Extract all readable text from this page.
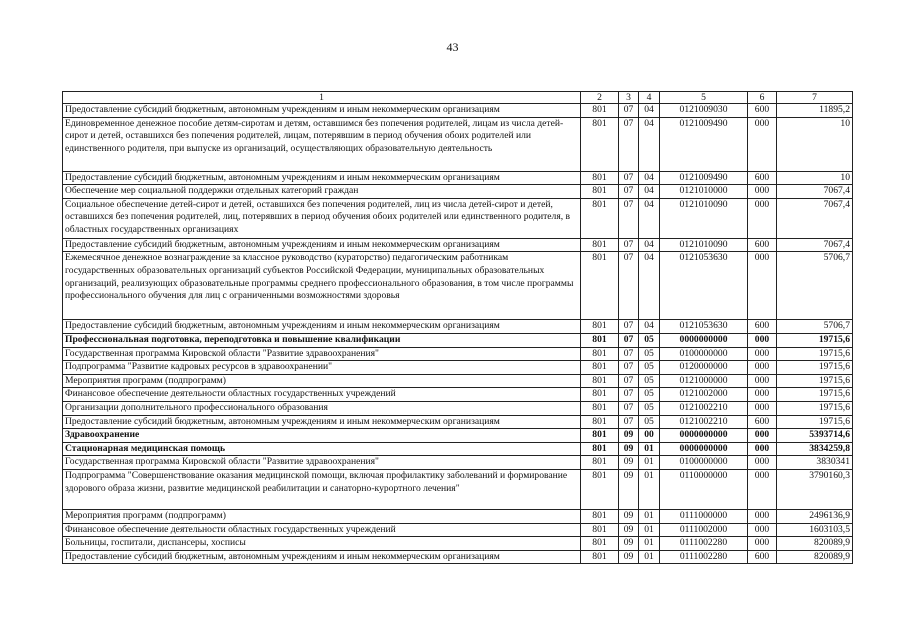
43
1	2	3	4	5	6	7
Предоставление субсидий бюджетным, автономным учреждениям и иным некоммерческим организациям	801	07	04	0121009030	600	11895,2
Единовременное денежное пособие детям-сиротам и детям, оставшимся без попечения родителей, лицам из числа детей-сирот и детей, оставшихся без попечения родителей, лицам, потерявшим в период обучения обоих родителей или единственного родителя, при выпуске из организаций, осуществляющих образовательную деятельность	801	07	04	0121009490	000	10
Предоставление субсидий бюджетным, автономным учреждениям и иным некоммерческим организациям	801	07	04	0121009490	600	10
Обеспечение мер социальной поддержки отдельных категорий граждан	801	07	04	0121010000	000	7067,4
Социальное обеспечение детей-сирот и детей, оставшихся без попечения родителей, лиц из числа детей-сирот и детей, оставшихся без попечения родителей, лиц, потерявших в период обучения обоих родителей или единственного родителя, в областных государственных организациях	801	07	04	0121010090	000	7067,4
Предоставление субсидий бюджетным, автономным учреждениям и иным некоммерческим организациям	801	07	04	0121010090	600	7067,4
Ежемесячное денежное вознаграждение за классное руководство (кураторство) педагогическим работникам государственных образовательных организаций субъектов Российской Федерации, муниципальных образовательных организаций, реализующих образовательные программы среднего профессионального образования, в том числе программы профессионального обучения для лиц с ограниченными возможностями здоровья	801	07	04	0121053630	000	5706,7
Предоставление субсидий бюджетным, автономным учреждениям и иным некоммерческим организациям	801	07	04	0121053630	600	5706,7
Профессиональная подготовка, переподготовка и повышение квалификации	801	07	05	0000000000	000	19715,6
Государственная программа Кировской области "Развитие здравоохранения"	801	07	05	0100000000	000	19715,6
Подпрограмма "Развитие кадровых ресурсов в здравоохранении"	801	07	05	0120000000	000	19715,6
Мероприятия программ (подпрограмм)	801	07	05	0121000000	000	19715,6
Финансовое обеспечение деятельности областных государственных учреждений	801	07	05	0121002000	000	19715,6
Организации дополнительного профессионального образования	801	07	05	0121002210	000	19715,6
Предоставление субсидий бюджетным, автономным учреждениям и иным некоммерческим организациям	801	07	05	0121002210	600	19715,6
Здравоохранение	801	09	00	0000000000	000	5393714,6
Стационарная медицинская помощь	801	09	01	0000000000	000	3834259,8
Государственная программа Кировской области "Развитие здравоохранения"	801	09	01	0100000000	000	3830341
Подпрограмма "Совершенствование оказания медицинской помощи, включая профилактику заболеваний и формирование здорового образа жизни, развитие медицинской реабилитации и санаторно-курортного лечения"	801	09	01	0110000000	000	3790160,3
Мероприятия программ (подпрограмм)	801	09	01	0111000000	000	2496136,9
Финансовое обеспечение деятельности областных государственных учреждений	801	09	01	0111002000	000	1603103,5
Больницы, госпитали, диспансеры, хосписы	801	09	01	0111002280	000	820089,9
Предоставление субсидий бюджетным, автономным учреждениям и иным некоммерческим организациям	801	09	01	0111002280	600	820089,9
